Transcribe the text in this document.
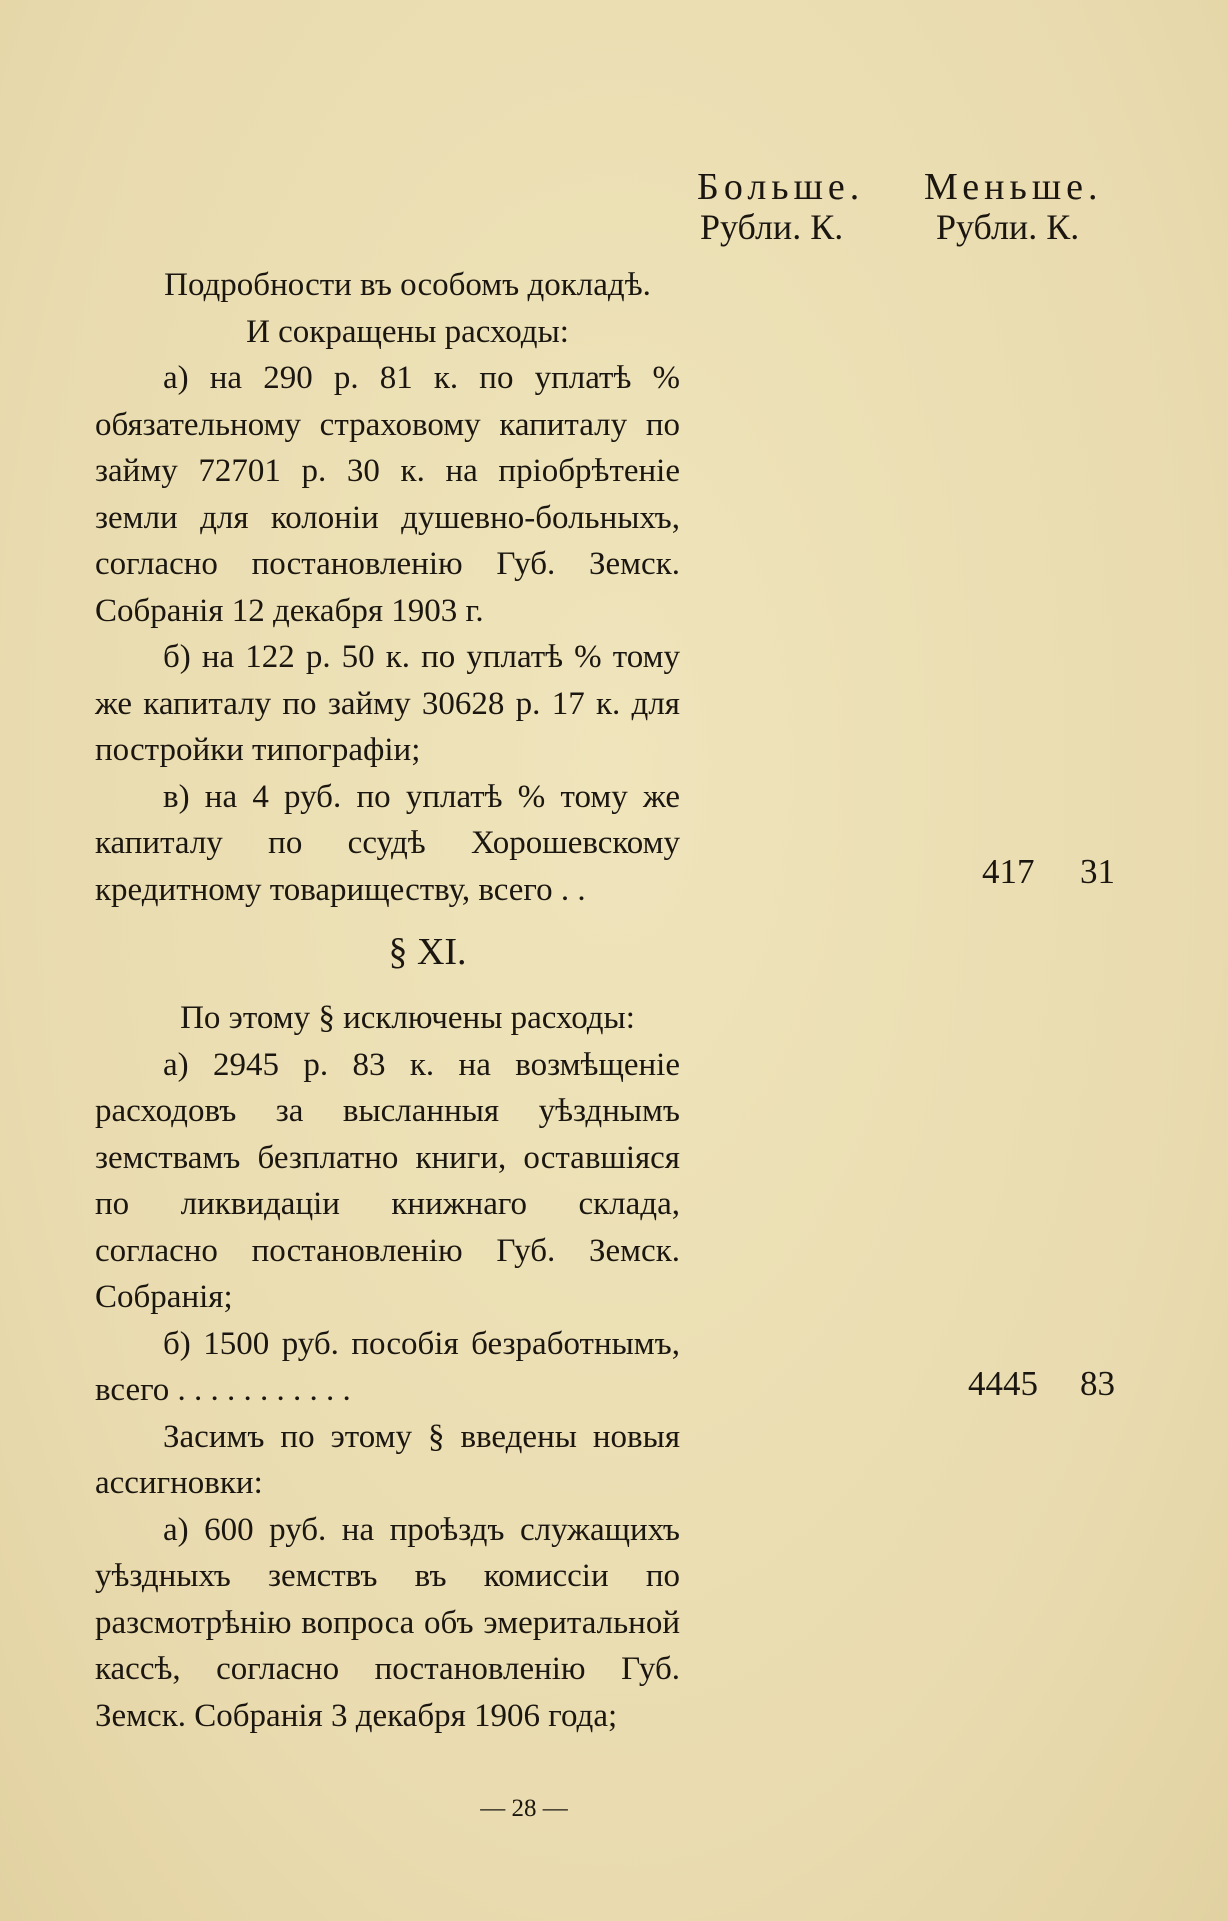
Больше. Меньше.
Рубли. К.	Рубли. К.

Подробности въ особомъ докладѣ.

И сокращены расходы:

а) на 290 р. 81 к. по уплатѣ % обязательному страховому капиталу по займу 72701 р. 30 к. на пріобрѣтеніе земли для колоніи душевно-больныхъ, согласно постановленію Губ. Земск. Собранія 12 декабря 1903 г.

б) на 122 р. 50 к. по уплатѣ % тому же капиталу по займу 30628 р. 17 к. для постройки типографіи;

в) на 4 руб. по уплатѣ % тому же капиталу по ссудѣ Хорошевскому кредитному товариществу, всего . .

§ XI.

По этому § исключены расходы:

а) 2945 р. 83 к. на возмѣщеніе расходовъ за высланныя уѣзднымъ земствамъ безплатно книги, оставшіяся по ликвидаціи книжнаго склада, согласно постановленію Губ. Земск. Собранія;

б) 1500 руб. пособія безработнымъ, всего . . . . . . . . . . .

Засимъ по этому § введены новыя ассигновки:

а) 600 руб. на проѣздъ служащихъ уѣздныхъ земствъ въ комиссіи по разсмотрѣнію вопроса объ эмеритальной кассѣ, согласно постановленію Губ. Земск. Собранія 3 декабря 1906 года;

417 31
4445 83
— 28 —
